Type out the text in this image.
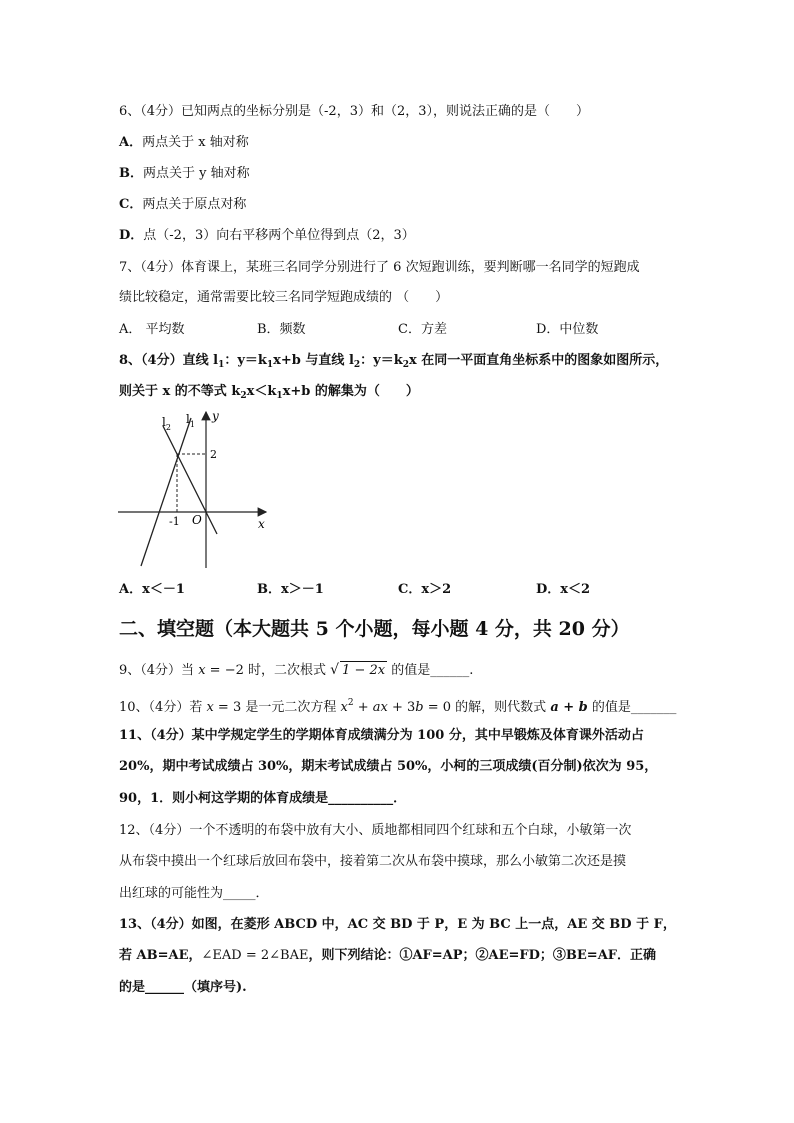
6、（4分）已知两点的坐标分别是（-2，3）和（2，3），则说法正确的是（　　）
A．两点关于 x 轴对称
B．两点关于 y 轴对称
C．两点关于原点对称
D．点（-2，3）向右平移两个单位得到点（2，3）
7、（4分）体育课上，某班三名同学分别进行了 6 次短跑训练，要判断哪一名同学的短跑成
绩比较稳定，通常需要比较三名同学短跑成绩的 （　　）
A． 平均数	B．频数	C．方差	D．中位数
8、（4分）直线 $l_1$：$y=k_1x+b$ 与直线 $l_2$：$y=k_2x$ 在同一平面直角坐标系中的图象如图所示，
则关于 x 的不等式 $k_2x<k_1x+b$ 的解集为（　　）
$l_2$
$l_1$
y
x
O
-1
2
A．x＜－1	B．x＞－1	C．x＞2	D．x＜2
二、填空题（本大题共 5 个小题，每小题 4 分，共 20 分）
9、（4分）当 x = −2 时，二次根式 √ 1 − 2x 的值是______.
10、（4分）若 x = 3 是一元二次方程 $x^2$ + ax + 3b = 0 的解，则代数式 a + b 的值是_______
11、（4分）某中学规定学生的学期体育成绩满分为 100 分，其中早锻炼及体育课外活动占
20%，期中考试成绩占 30%，期末考试成绩占 50%，小柯的三项成绩(百分制)依次为 95，
90，1．则小柯这学期的体育成绩是__________．
12、（4分）一个不透明的布袋中放有大小、质地都相同四个红球和五个白球，小敏第一次
从布袋中摸出一个红球后放回布袋中，接着第二次从布袋中摸球，那么小敏第二次还是摸
出红球的可能性为_____．
13、（4分）如图，在菱形 ABCD 中，AC 交 BD 于 P，E 为 BC 上一点，AE 交 BD 于 F，
若 AB=AE，∠EAD = 2∠BAE，则下列结论：①AF=AP；②AE=FD；③BE=AF．正确
的是______（填序号).
